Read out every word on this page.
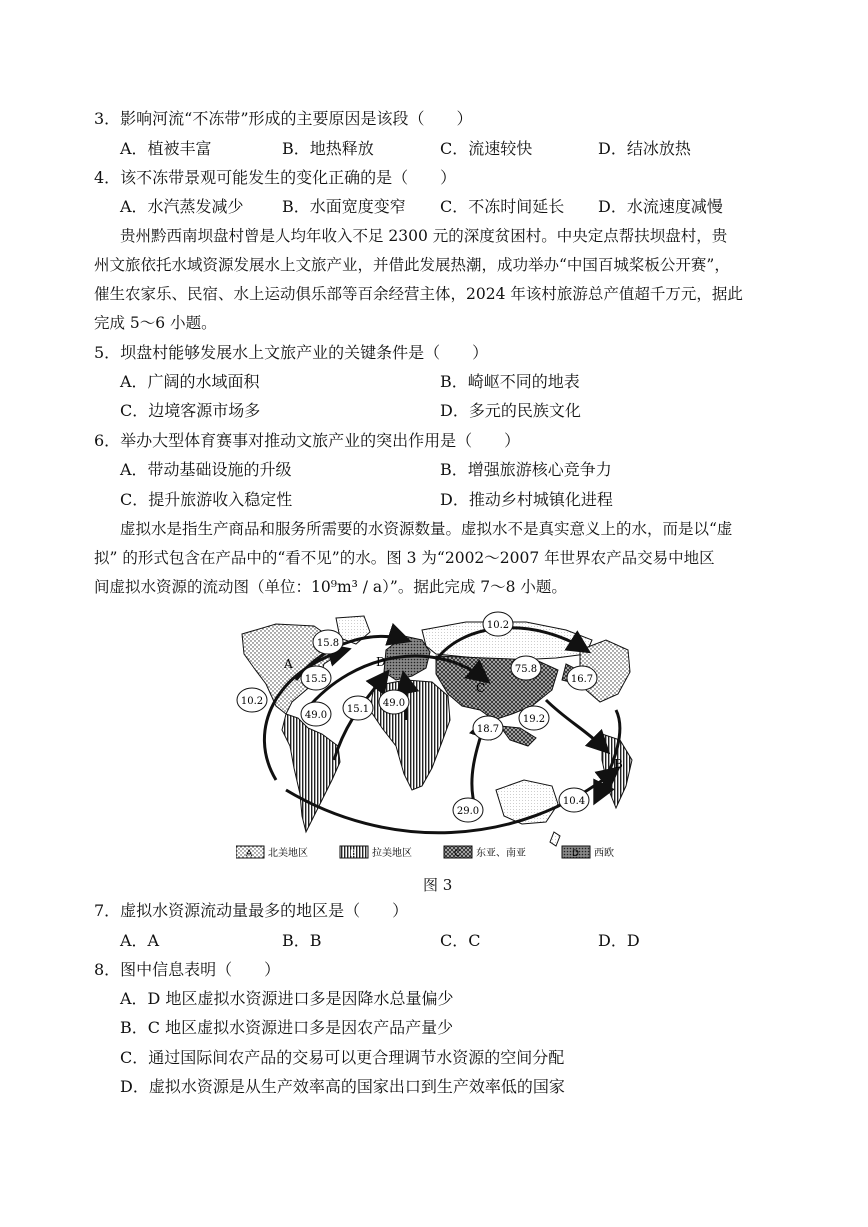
3．影响河流“不冻带”形成的主要原因是该段（　　）
A．植被丰富	B．地热释放	C．流速较快	D．结冰放热
4．该不冻带景观可能发生的变化正确的是（　　）
A．水汽蒸发减少 B．水面宽度变窄 C．不冻时间延长 D．水流速度减慢
贵州黔西南坝盘村曾是人均年收入不足 2300 元的深度贫困村。中央定点帮扶坝盘村，贵
州文旅依托水域资源发展水上文旅产业，并借此发展热潮，成功举办“中国百城桨板公开赛”，
催生农家乐、民宿、水上运动俱乐部等百余经营主体，2024 年该村旅游总产值超千万元，据此
完成 5～6 小题。
5．坝盘村能够发展水上文旅产业的关键条件是（　　）
A．广阔的水域面积	B．崎岖不同的地表
C．边境客源市场多	D．多元的民族文化
6．举办大型体育赛事对推动文旅产业的突出作用是（　　）
A．带动基础设施的升级	B．增强旅游核心竞争力
C．提升旅游收入稳定性	D．推动乡村城镇化进程
虚拟水是指生产商品和服务所需要的水资源数量。虚拟水不是真实意义上的水，而是以“虚
拟” 的形式包含在产品中的“看不见”的水。图 3 为“2002～2007 年世界农产品交易中地区
间虚拟水资源的流动图（单位：10⁹m³ / a）”。据此完成 7～8 小题。
A
B
C
D
15.8
10.2
15.5
75.8
16.7
10.2
49.0
15.1
49.0
19.2
18.7
29.0
10.4
A 北美地区	B 拉美地区	C 东亚、南亚	D 西欧
图 3
7．虚拟水资源流动量最多的地区是（　　）
A．A	B．B	C．C	D．D
8．图中信息表明（　　）
A．D 地区虚拟水资源进口多是因降水总量偏少
B．C 地区虚拟水资源进口多是因农产品产量少
C．通过国际间农产品的交易可以更合理调节水资源的空间分配
D．虚拟水资源是从生产效率高的国家出口到生产效率低的国家
